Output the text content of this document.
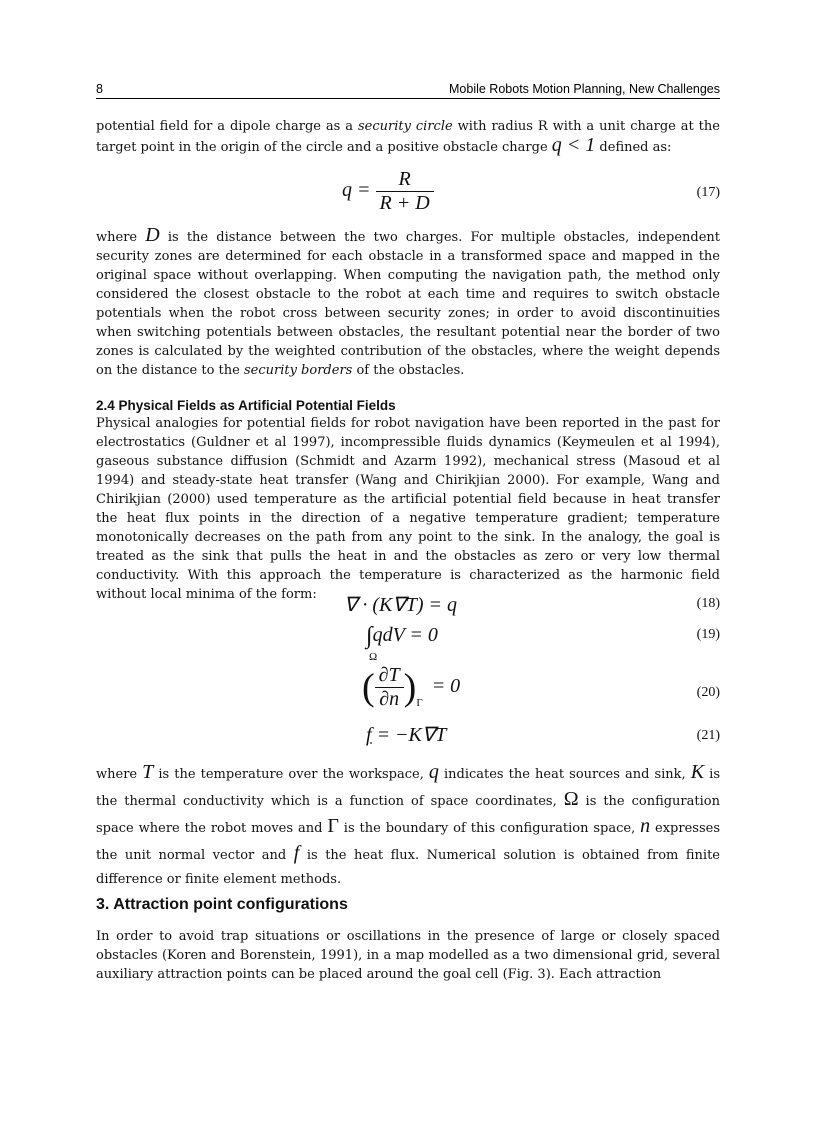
8	Mobile Robots Motion Planning, New Challenges

potential field for a dipole charge as a security circle with radius R with a unit charge at the target point in the origin of the circle and a positive obstacle charge q < 1 defined as:

$q = \frac{R}{R + D}$	(17)

where D is the distance between the two charges. For multiple obstacles, independent security zones are determined for each obstacle in a transformed space and mapped in the original space without overlapping. When computing the navigation path, the method only considered the closest obstacle to the robot at each time and requires to switch obstacle potentials when the robot cross between security zones; in order to avoid discontinuities when switching potentials between obstacles, the resultant potential near the border of two zones is calculated by the weighted contribution of the obstacles, where the weight depends on the distance to the security borders of the obstacles.

2.4 Physical Fields as Artificial Potential Fields

Physical analogies for potential fields for robot navigation have been reported in the past for electrostatics (Guldner et al 1997), incompressible fluids dynamics (Keymeulen et al 1994), gaseous substance diffusion (Schmidt and Azarm 1992), mechanical stress (Masoud et al 1994) and steady-state heat transfer (Wang and Chirikjian 2000). For example, Wang and Chirikjian (2000) used temperature as the artificial potential field because in heat transfer the heat flux points in the direction of a negative temperature gradient; temperature monotonically decreases on the path from any point to the sink. In the analogy, the goal is treated as the sink that pulls the heat in and the obstacles as zero or very low thermal conductivity. With this approach the temperature is characterized as the harmonic field without local minima of the form:	∇ · (K∇T) = q	(18)
∫qdV = 0
Ω
(19)
( $\frac{\partial T}{\partial n} )_\Gamma = 0$	(20)
f = −K∇T	(21)

where T is the temperature over the workspace, q indicates the heat sources and sink, K is the thermal conductivity which is a function of space coordinates, Ω is the configuration space where the robot moves and Γ is the boundary of this configuration space, n expresses the unit normal vector and f is the heat flux. Numerical solution is obtained from finite difference or finite element methods.

3. Attraction point configurations

In order to avoid trap situations or oscillations in the presence of large or closely spaced obstacles (Koren and Borenstein, 1991), in a map modelled as a two dimensional grid, several auxiliary attraction points can be placed around the goal cell (Fig. 3). Each attraction
